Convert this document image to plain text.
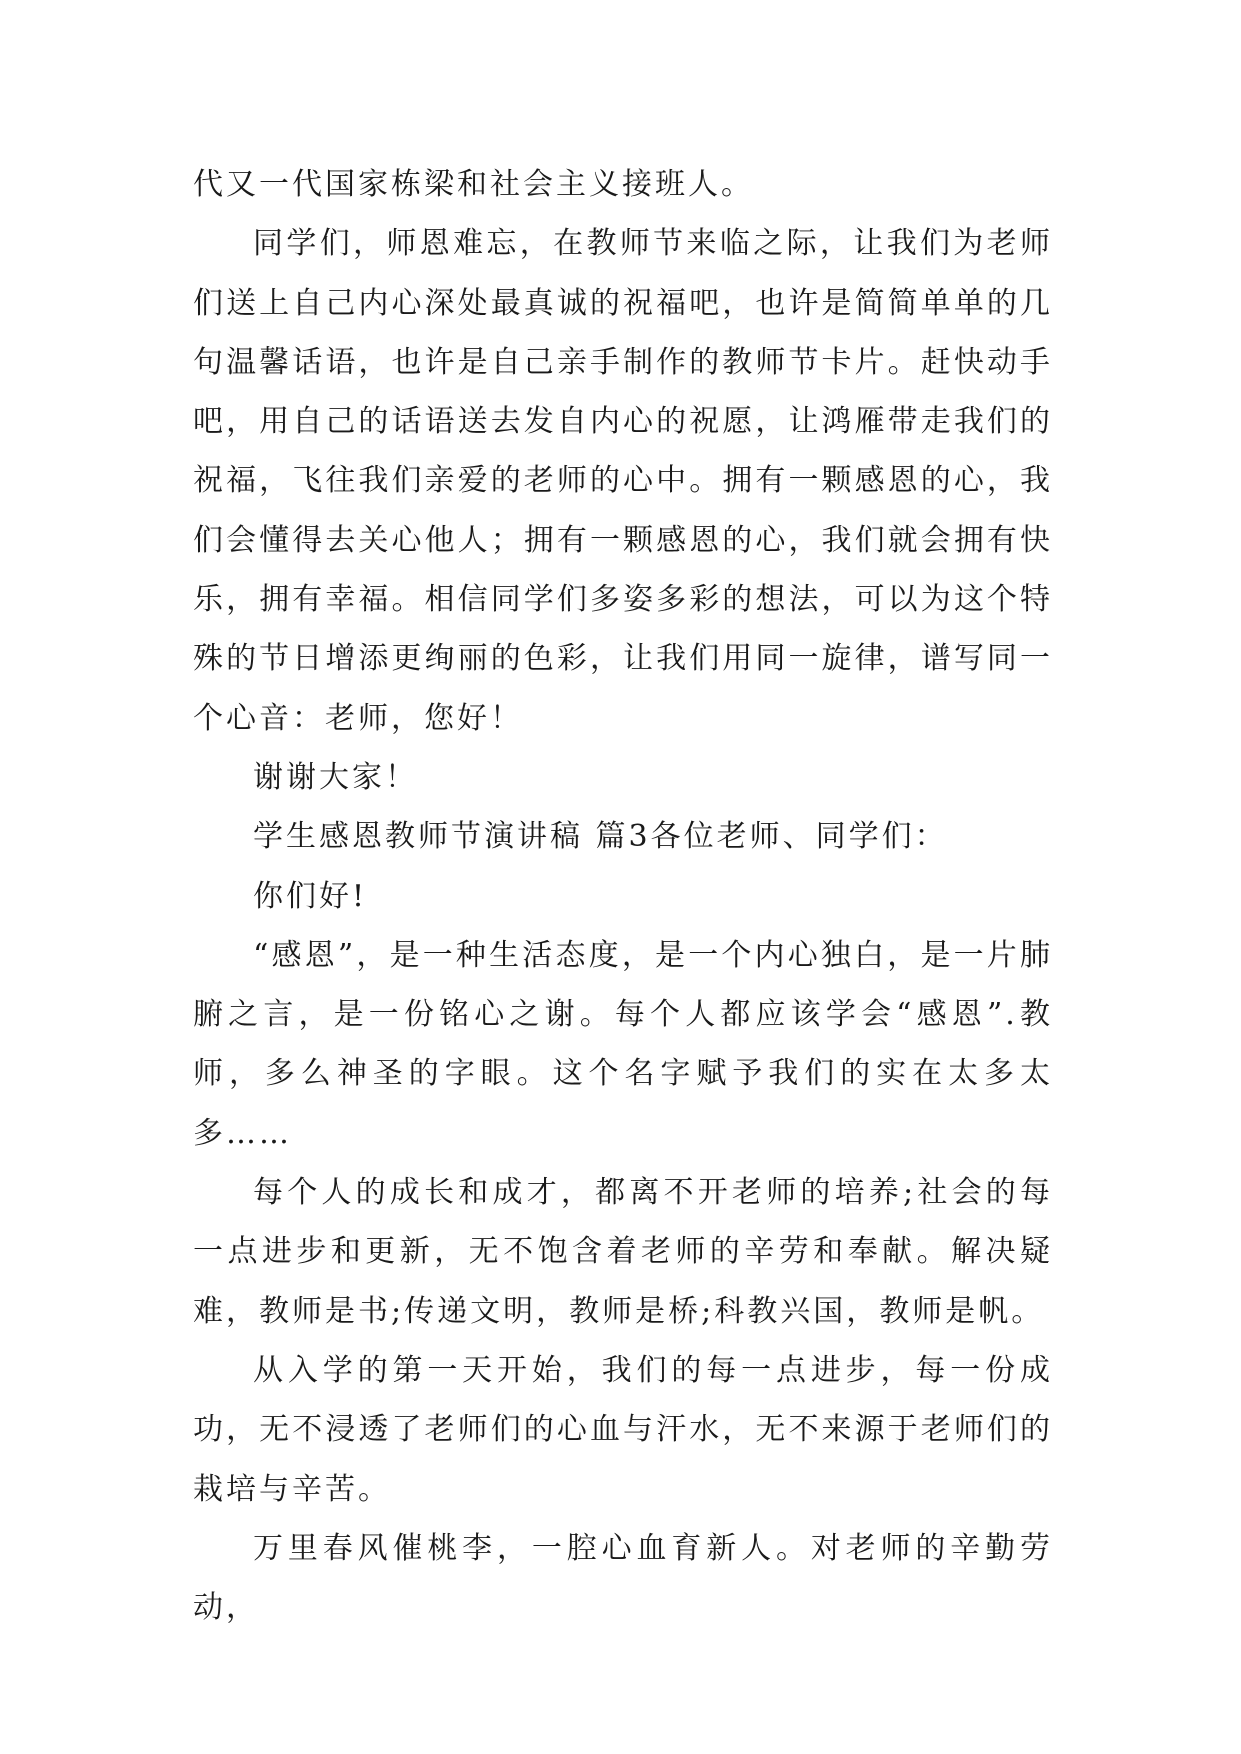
代又一代国家栋梁和社会主义接班人。

同学们，师恩难忘，在教师节来临之际，让我们为老师们送上自己内心深处最真诚的祝福吧，也许是简简单单的几句温馨话语，也许是自己亲手制作的教师节卡片。赶快动手吧，用自己的话语送去发自内心的祝愿，让鸿雁带走我们的祝福，飞往我们亲爱的老师的心中。拥有一颗感恩的心，我们会懂得去关心他人；拥有一颗感恩的心，我们就会拥有快乐，拥有幸福。相信同学们多姿多彩的想法，可以为这个特殊的节日增添更绚丽的色彩，让我们用同一旋律，谱写同一个心音：老师，您好！

谢谢大家！

学生感恩教师节演讲稿 篇3各位老师、同学们：

你们好!

“感恩”，是一种生活态度，是一个内心独白，是一片肺腑之言，是一份铭心之谢。每个人都应该学会“感恩”.教师，多么神圣的字眼。这个名字赋予我们的实在太多太多……

每个人的成长和成才，都离不开老师的培养;社会的每一点进步和更新，无不饱含着老师的辛劳和奉献。解决疑难，教师是书;传递文明，教师是桥;科教兴国，教师是帆。

从入学的第一天开始，我们的每一点进步，每一份成功，无不浸透了老师们的心血与汗水，无不来源于老师们的栽培与辛苦。

万里春风催桃李，一腔心血育新人。对老师的辛勤劳动，
